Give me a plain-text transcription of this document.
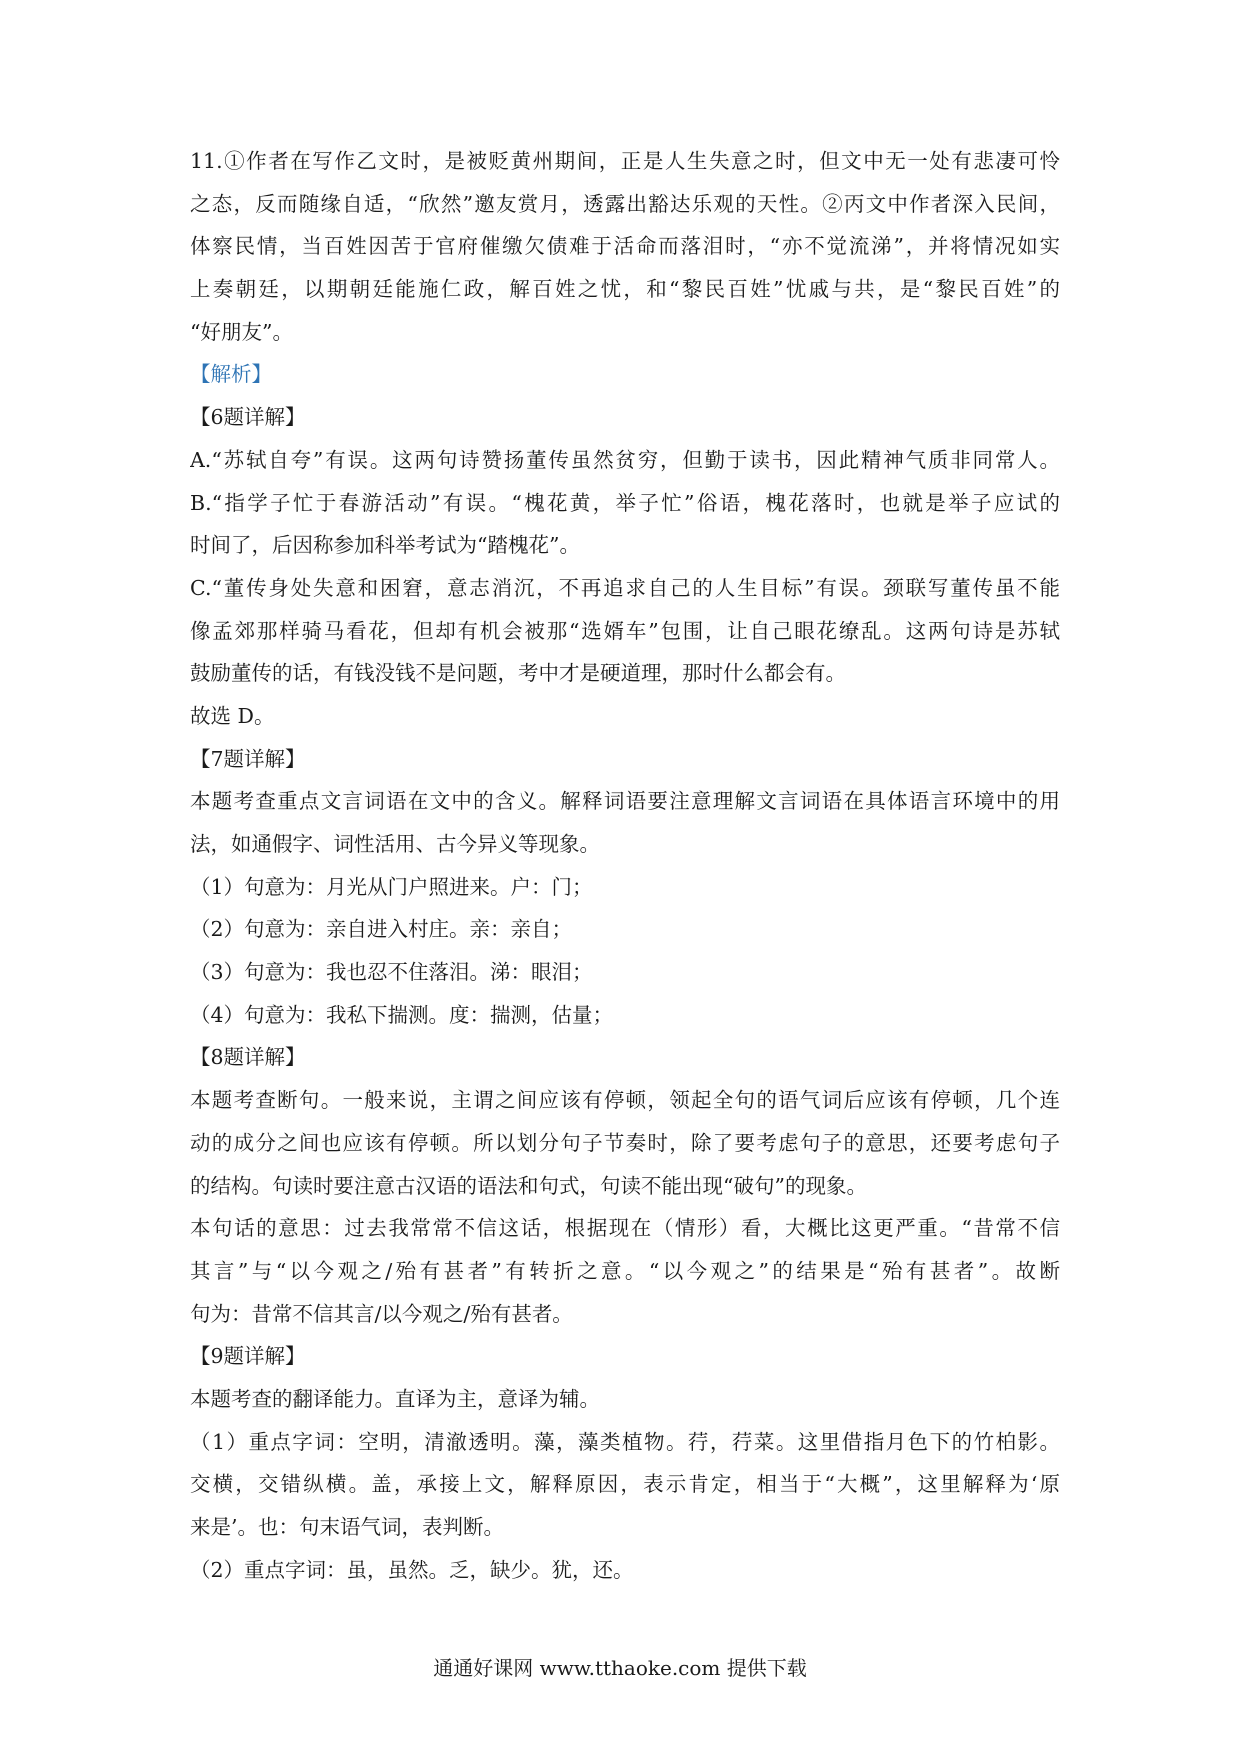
11.①作者在写作乙文时，是被贬黄州期间，正是人生失意之时，但文中无一处有悲凄可怜
之态，反而随缘自适，“欣然”邀友赏月，透露出豁达乐观的天性。②丙文中作者深入民间，
体察民情，当百姓因苦于官府催缴欠债难于活命而落泪时，“亦不觉流涕”，并将情况如实
上奏朝廷，以期朝廷能施仁政，解百姓之忧，和“黎民百姓”忧戚与共，是“黎民百姓”的
“好朋友”。
【解析】
【6题详解】
A.“苏轼自夸”有误。这两句诗赞扬董传虽然贫穷，但勤于读书，因此精神气质非同常人。
B.“指学子忙于春游活动”有误。“槐花黄，举子忙”俗语，槐花落时，也就是举子应试的
时间了，后因称参加科举考试为“踏槐花”。
C.“董传身处失意和困窘，意志消沉，不再追求自己的人生目标”有误。颈联写董传虽不能
像孟郊那样骑马看花，但却有机会被那“选婿车”包围，让自己眼花缭乱。这两句诗是苏轼
鼓励董传的话，有钱没钱不是问题，考中才是硬道理，那时什么都会有。
故选 D。
【7题详解】
本题考查重点文言词语在文中的含义。解释词语要注意理解文言词语在具体语言环境中的用
法，如通假字、词性活用、古今异义等现象。
（1）句意为：月光从门户照进来。户：门；
（2）句意为：亲自进入村庄。亲：亲自；
（3）句意为：我也忍不住落泪。涕：眼泪；
（4）句意为：我私下揣测。度：揣测，估量；
【8题详解】
本题考查断句。一般来说，主谓之间应该有停顿，领起全句的语气词后应该有停顿，几个连
动的成分之间也应该有停顿。所以划分句子节奏时，除了要考虑句子的意思，还要考虑句子
的结构。句读时要注意古汉语的语法和句式，句读不能出现“破句”的现象。
本句话的意思：过去我常常不信这话，根据现在（情形）看，大概比这更严重。“昔常不信
其言”与“以今观之/殆有甚者”有转折之意。“以今观之”的结果是“殆有甚者”。故断
句为：昔常不信其言/以今观之/殆有甚者。
【9题详解】
本题考查的翻译能力。直译为主，意译为辅。
（1）重点字词：空明，清澈透明。藻，藻类植物。荇，荇菜。这里借指月色下的竹柏影。
交横，交错纵横。盖，承接上文，解释原因，表示肯定，相当于“大概”，这里解释为‘原
来是’。也：句末语气词，表判断。
（2）重点字词：虽，虽然。乏，缺少。犹，还。
通通好课网 www.tthaoke.com 提供下载
